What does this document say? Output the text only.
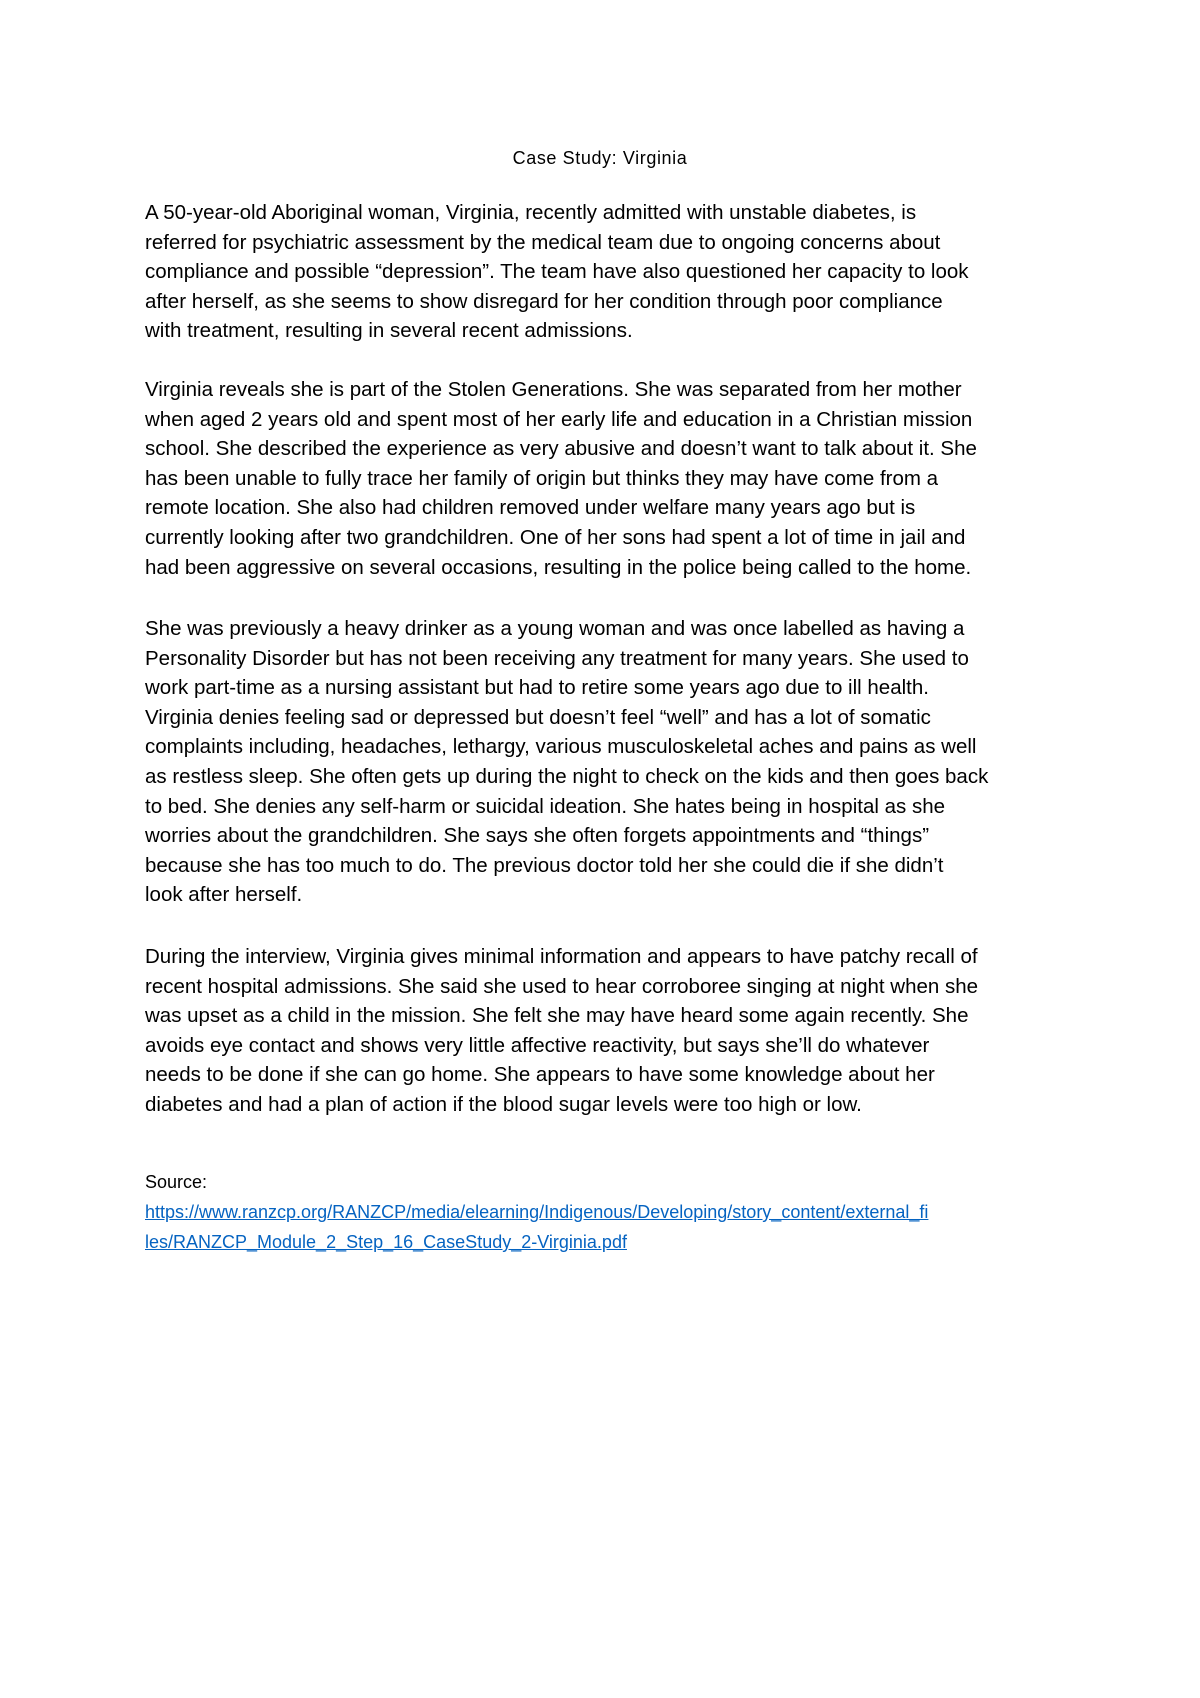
Case Study: Virginia

A 50-year-old Aboriginal woman, Virginia, recently admitted with unstable diabetes, is
referred for psychiatric assessment by the medical team due to ongoing concerns about
compliance and possible “depression”. The team have also questioned her capacity to look
after herself, as she seems to show disregard for her condition through poor compliance
with treatment, resulting in several recent admissions.

Virginia reveals she is part of the Stolen Generations. She was separated from her mother
when aged 2 years old and spent most of her early life and education in a Christian mission
school. She described the experience as very abusive and doesn’t want to talk about it. She
has been unable to fully trace her family of origin but thinks they may have come from a
remote location. She also had children removed under welfare many years ago but is
currently looking after two grandchildren. One of her sons had spent a lot of time in jail and
had been aggressive on several occasions, resulting in the police being called to the home.

She was previously a heavy drinker as a young woman and was once labelled as having a
Personality Disorder but has not been receiving any treatment for many years. She used to
work part-time as a nursing assistant but had to retire some years ago due to ill health.
Virginia denies feeling sad or depressed but doesn’t feel “well” and has a lot of somatic
complaints including, headaches, lethargy, various musculoskeletal aches and pains as well
as restless sleep. She often gets up during the night to check on the kids and then goes back
to bed. She denies any self-harm or suicidal ideation. She hates being in hospital as she
worries about the grandchildren. She says she often forgets appointments and “things”
because she has too much to do. The previous doctor told her she could die if she didn’t
look after herself.

During the interview, Virginia gives minimal information and appears to have patchy recall of
recent hospital admissions. She said she used to hear corroboree singing at night when she
was upset as a child in the mission. She felt she may have heard some again recently. She
avoids eye contact and shows very little affective reactivity, but says she’ll do whatever
needs to be done if she can go home. She appears to have some knowledge about her
diabetes and had a plan of action if the blood sugar levels were too high or low.

Source:
https://www.ranzcp.org/RANZCP/media/elearning/Indigenous/Developing/story_content/external_fi
les/RANZCP_Module_2_Step_16_CaseStudy_2-Virginia.pdf
